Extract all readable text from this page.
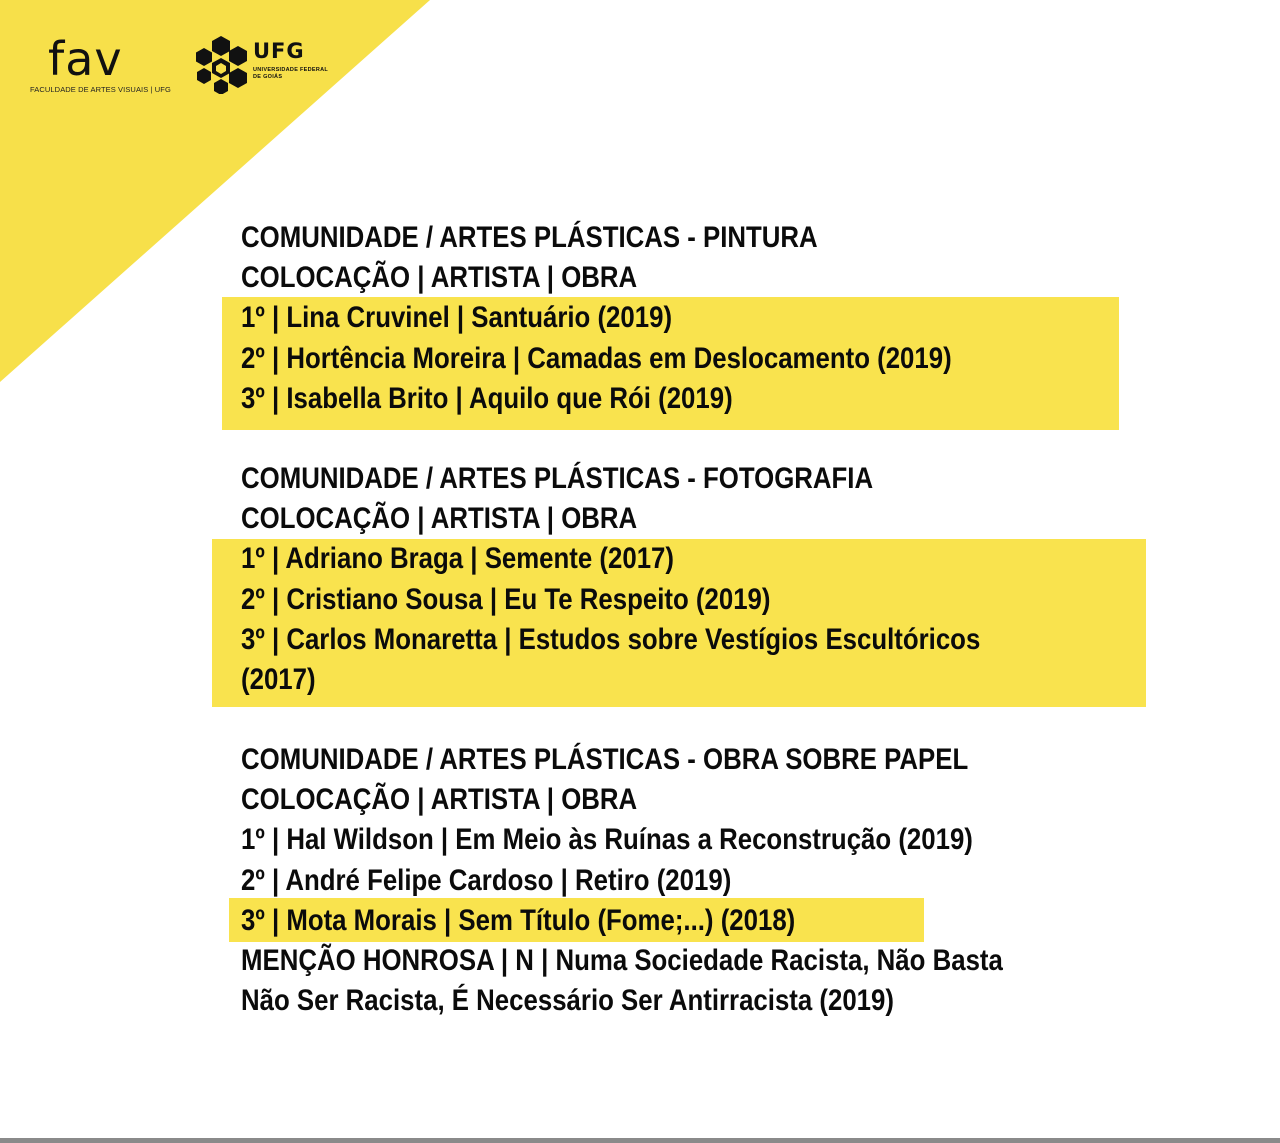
fav
FACULDADE DE ARTES VISUAIS | UFG
UFG
UNIVERSIDADE FEDERAL DE GOIÁS
COMUNIDADE / ARTES PLÁSTICAS - PINTURA
COLOCAÇÃO | ARTISTA | OBRA
1º | Lina Cruvinel | Santuário (2019)
2º | Hortência Moreira | Camadas em Deslocamento (2019)
3º | Isabella Brito | Aquilo que Rói (2019)
COMUNIDADE / ARTES PLÁSTICAS - FOTOGRAFIA
COLOCAÇÃO | ARTISTA | OBRA
1º | Adriano Braga | Semente (2017)
2º | Cristiano Sousa | Eu Te Respeito (2019)
3º | Carlos Monaretta | Estudos sobre Vestígios Escultóricos
(2017)
COMUNIDADE / ARTES PLÁSTICAS - OBRA SOBRE PAPEL
COLOCAÇÃO | ARTISTA | OBRA
1º | Hal Wildson | Em Meio às Ruínas a Reconstrução (2019)
2º | André Felipe Cardoso | Retiro (2019)
3º | Mota Morais | Sem Título (Fome;...) (2018)
MENÇÃO HONROSA | N | Numa Sociedade Racista, Não Basta
Não Ser Racista, É Necessário Ser Antirracista (2019)
